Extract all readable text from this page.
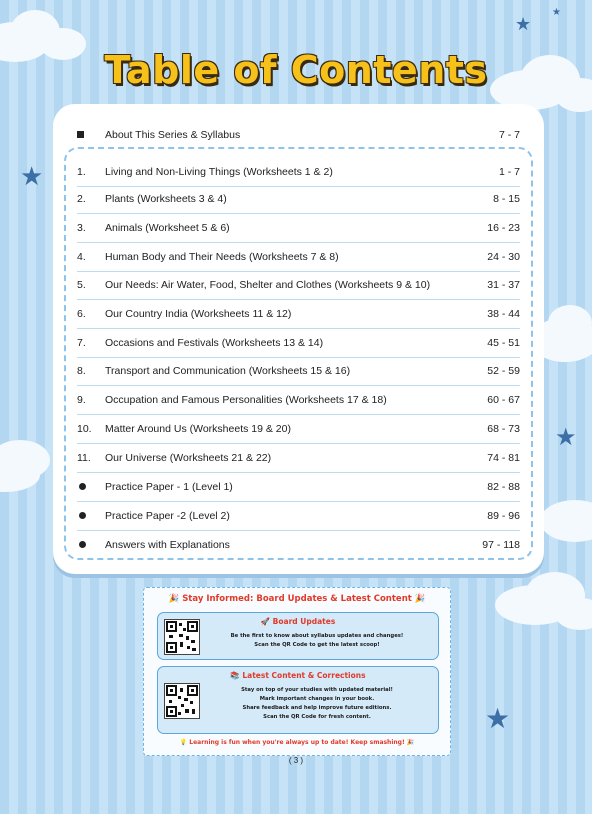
★
★
★
★
★
Table of Contents
About This Series & Syllabus	7 - 7
1.	Living and Non-Living Things (Worksheets 1 & 2)	1 - 7
2.	Plants (Worksheets 3 & 4)	8 - 15
3.	Animals (Worksheet 5 & 6)	16 - 23
4.	Human Body and Their Needs (Worksheets 7 & 8)	24 - 30
5.	Our Needs: Air Water, Food, Shelter and Clothes (Worksheets 9 & 10)	31 - 37
6.	Our Country India (Worksheets 11 & 12)	38 - 44
7.	Occasions and Festivals (Worksheets 13 & 14)	45 - 51
8.	Transport and Communication (Worksheets 15 & 16)	52 - 59
9.	Occupation and Famous Personalities (Worksheets 17 & 18)	60 - 67
10.	Matter Around Us (Worksheets 19 & 20)	68 - 73
11.	Our Universe (Worksheets 21 & 22)	74 - 81
Practice Paper - 1 (Level 1)	82 - 88
Practice Paper -2 (Level 2)	89 - 96
Answers with Explanations	97 - 118
🎉 Stay Informed: Board Updates & Latest Content 🎉
🚀 Board Updates
Be the first to know about syllabus updates and changes!
Scan the QR Code to get the latest scoop!
📚 Latest Content & Corrections
Stay on top of your studies with updated material!
Mark important changes in your book.
Share feedback and help improve future editions.
Scan the QR Code for fresh content.
💡 Learning is fun when you're always up to date! Keep smashing! 🎉
( 3 )
